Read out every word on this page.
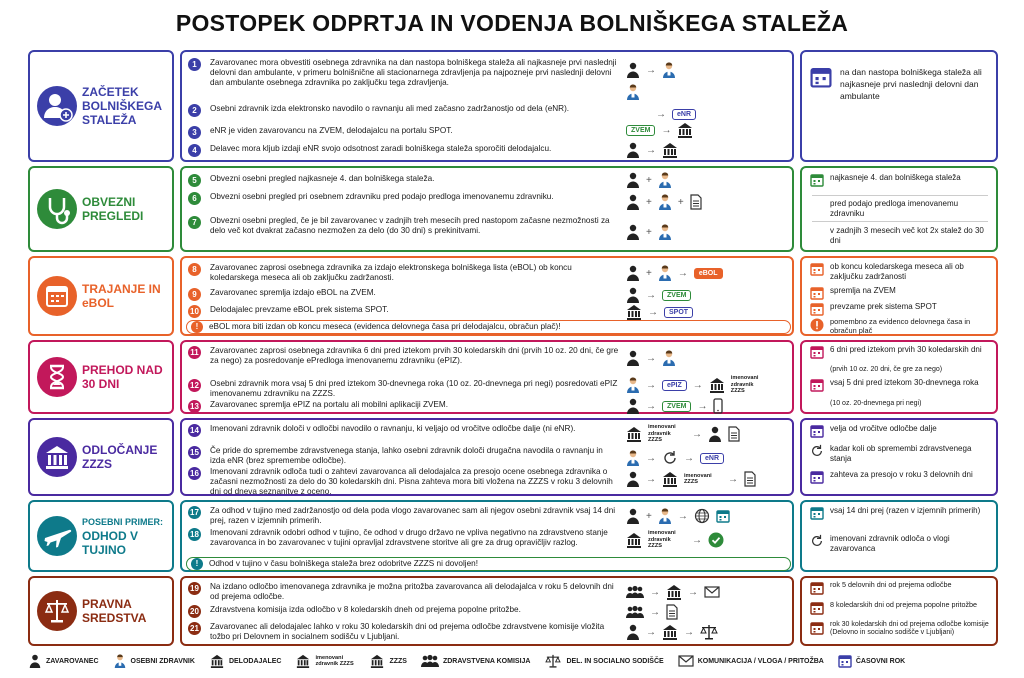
POSTOPEK ODPRTJA IN VODENJA BOLNIŠKEGA STALEŽA
ZAČETEK BOLNIŠKEGA STALEŽA
1	Zavarovanec mora obvestiti osebnega zdravnika na dan nastopa bolniškega staleža ali najkasneje prvi naslednji delovni dan ambulante, v primeru bolnišnične ali stacionarnega zdravljenja pa najpozneje prvi naslednji delovni dan ambulante osebnega zdravnika po zaključku tega zdravljenja.
→
2	Osebni zdravnik izda elektronsko navodilo o ravnanju ali med začasno zadržanostjo od dela (eNR).	→	eNR
3	eNR je viden zavarovancu na ZVEM, delodajalcu na portalu SPOT.	ZVEM	→
4	Delavec mora kljub izdaji eNR svojo odsotnost zaradi bolniškega staleža sporočiti delodajalcu.	→
na dan nastopa bolniškega staleža ali najkasneje prvi naslednji delovni dan ambulante
OBVEZNI PREGLEDI
5	Obvezni osebni pregled najkasneje 4. dan bolniškega staleža.	+
6	Obvezni osebni pregled pri osebnem zdravniku pred podajo predloga imenovanemu zdravniku.	+	+
7	Obvezni osebni pregled, če je bil zavarovanec v zadnjih treh mesecih pred nastopom začasne nezmožnosti za delo več kot dvakrat začasno nezmožen za delo (do 30 dni) s prekinitvami.	+
najkasneje 4. dan bolniškega staleža
pred podajo predloga imenovanemu zdravniku
v zadnjih 3 mesecih več kot 2x stalež do 30 dni
TRAJANJE IN eBOL
8	Zavarovanec zaprosi osebnega zdravnika za izdajo elektronskega bolniškega lista (eBOL) ob koncu koledarskega meseca ali ob zaključku zadržanosti.	+	→	eBOL
9	Zavarovanec spremlja izdajo eBOL na ZVEM.	→	ZVEM
10 Delodajalec prevzame eBOL prek sistema SPOT.	→	SPOT
!	eBOL mora biti izdan ob koncu meseca (evidenca delovnega časa pri delodajalcu, obračun plač)!
ob koncu koledarskega meseca ali ob zaključku zadržanosti
spremlja na ZVEM
prevzame prek sistema SPOT
pomembno za evidenco delovnega časa in obračun plač
PREHOD NAD 30 DNI
11 Zavarovanec zaprosi osebnega zdravnika 6 dni pred iztekom prvih 30 koledarskih dni (prvih 10 oz. 20 dni, če gre za nego) za posredovanje ePredloga imenovanemu zdravniku (ePIZ).	→
12 Osebni zdravnik mora vsaj 5 dni pred iztekom 30-dnevnega roka (10 oz. 20-dnevnega pri negi) posredovati ePIZ imenovanemu zdravniku na ZZZS.
→	ePIZ	→
imenovani zdravnik ZZZS
13 Zavarovanec spremlja ePIZ na portalu ali mobilni aplikaciji ZVEM.	→	ZVEM	→
6 dni pred iztekom prvih 30 koledarskih dni
(prvih 10 oz. 20 dni, če gre za nego)
vsaj 5 dni pred iztekom 30-dnevnega roka
(10 oz. 20-dnevnega pri negi)
ODLOČANJE ZZZS
14 Imenovani zdravnik določi v odločbi navodilo o ravnanju, ki veljajo od vročitve odločbe dalje (ni eNR).	imenovani zdravnik ZZZS
→
15 Če pride do spremembe zdravstvenega stanja, lahko osebni zdravnik določi drugačna navodila o ravnanju in izda eNR (brez spremembe odločbe).	→	→	eNR
16 Imenovani zdravnik odloča tudi o zahtevi zavarovanca ali delodajalca za presojo ocene osebnega zdravnika o začasni nezmožnosti za delo do 30 koledarskih dni. Pisna zahteva mora biti vložena na ZZZS v roku 3 delovnih dni od dneva seznanitve z oceno.
→	imenovani ZZZS	→
velja od vročitve odločbe dalje
kadar koli ob spremembi zdravstvenega stanja
zahteva za presojo v roku 3 delovnih dni
POSEBNI PRIMER:
ODHOD V TUJINO
17 Za odhod v tujino med zadržanostjo od dela poda vlogo zavarovanec sam ali njegov osebni zdravnik vsaj 14 dni prej, razen v izjemnih primerih.	+	→
18 Imenovani zdravnik odobri odhod v tujino, če odhod v drugo državo ne vpliva negativno na zdravstveno stanje zavarovanca in bo zavarovanec v tujini opravljal zdravstvene storitve ali gre za drug opravičljiv razlog.
imenovani zdravnik ZZZS
→
!	Odhod v tujino v času bolniškega staleža brez odobritve ZZZS ni dovoljen!
vsaj 14 dni prej (razen v izjemnih primerih)
imenovani zdravnik odloča o vlogi zavarovanca
PRAVNA SREDSTVA
19 Na izdano odločbo imenovanega zdravnika je možna pritožba zavarovanca ali delodajalca v roku 5 delovnih dni od prejema odločbe.	→	→
20 Zdravstvena komisija izda odločbo v 8 koledarskih dneh od prejema popolne pritožbe.	→
21 Zavarovanec ali delodajalec lahko v roku 30 koledarskih dni od prejema odločbe zdravstvene komisije vložita tožbo pri Delovnem in socialnem sodišču v Ljubljani.	→	→
rok 5 delovnih dni od prejema odločbe
8 koledarskih dni od prejema popolne pritožbe
rok 30 koledarskih dni od prejema odločbe komisije (Delovno in socialno sodišče v Ljubljani)
ZAVAROVANEC	OSEBNI ZDRAVNIK	DELODAJALEC	imenovani zdravnik ZZZS	ZZZS	ZDRAVSTVENA KOMISIJA	DEL. IN SOCIALNO SODIŠČE	KOMUNIKACIJA / VLOGA / PRITOŽBA	ČASOVNI ROK
